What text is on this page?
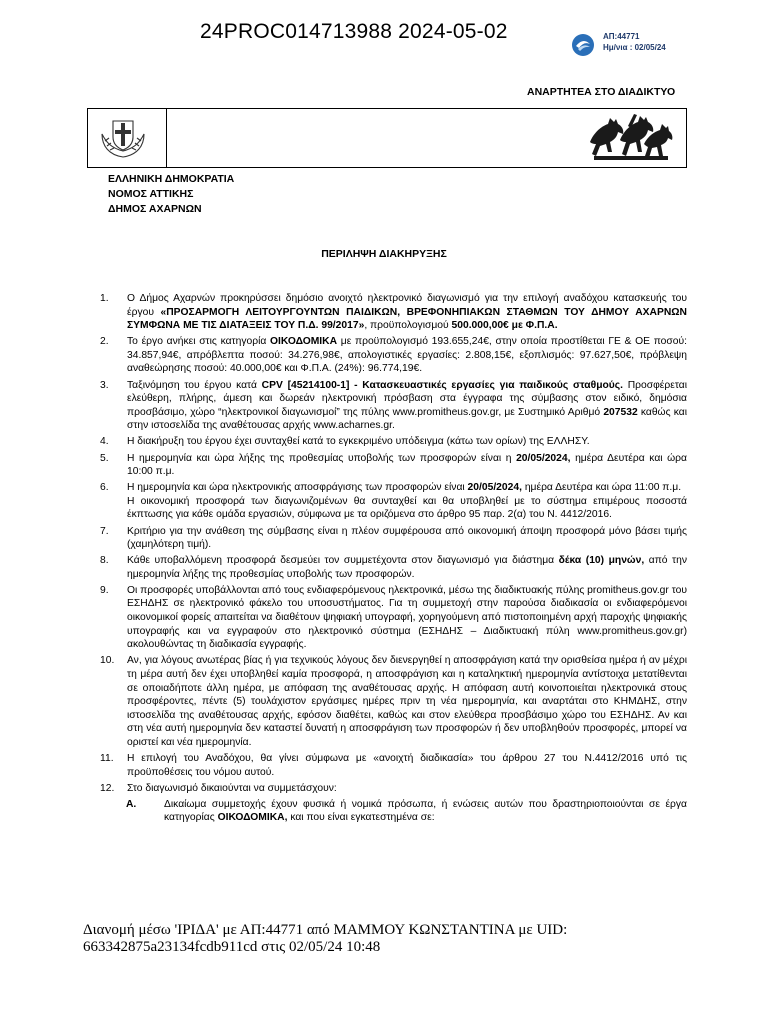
24PROC014713988 2024-05-02	ΑΠ:44771
Ημ/νια : 02/05/24
ΑΝΑΡΤΗΤΕΑ ΣΤΟ ΔΙΑΔΙΚΤΥΟ
ΕΛΛΗΝΙΚΗ ΔΗΜΟΚΡΑΤΙΑ
ΝΟΜΟΣ ΑΤΤΙΚΗΣ
ΔΗΜΟΣ ΑΧΑΡΝΩΝ
ΠΕΡΙΛΗΨΗ ΔΙΑΚΗΡΥΞΗΣ
1. Ο Δήμος Αχαρνών προκηρύσσει δημόσιο ανοιχτό ηλεκτρονικό διαγωνισμό για την επιλογή αναδόχου κατασκευής του έργου «ΠΡΟΣΑΡΜΟΓΗ ΛΕΙΤΟΥΡΓΟΥΝΤΩΝ ΠΑΙΔΙΚΩΝ, ΒΡΕΦΟΝΗΠΙΑΚΩΝ ΣΤΑΘΜΩΝ ΤΟΥ ΔΗΜΟΥ ΑΧΑΡΝΩΝ ΣΥΜΦΩΝΑ ΜΕ ΤΙΣ ΔΙΑΤΑΞΕΙΣ ΤΟΥ Π.Δ. 99/2017», προϋπολογισμού 500.000,00€ με Φ.Π.Α.

2. Το έργο ανήκει στις κατηγορία ΟΙΚΟΔΟΜΙΚΑ με προϋπολογισμό 193.655,24€, στην οποία προστίθεται ΓΕ & ΟΕ ποσού: 34.857,94€, απρόβλεπτα ποσού: 34.276,98€, απολογιστικές εργασίες: 2.808,15€, εξοπλισμός: 97.627,50€, πρόβλεψη αναθεώρησης ποσού: 40.000,00€ και Φ.Π.Α. (24%): 96.774,19€.

3. Ταξινόμηση του έργου κατά CPV [45214100-1] - Κατασκευαστικές εργασίες για παιδικούς σταθμούς. Προσφέρεται ελεύθερη, πλήρης, άμεση και δωρεάν ηλεκτρονική πρόσβαση στα έγγραφα της σύμβασης στον ειδικό, δημόσια προσβάσιμο, χώρο “ηλεκτρονικοί διαγωνισμοί” της πύλης www.promitheus.gov.gr, με Συστημικό Αριθμό 207532 καθώς και στην ιστοσελίδα της αναθέτουσας αρχής www.acharnes.gr.

4. Η διακήρυξη του έργου έχει συνταχθεί κατά το εγκεκριμένο υπόδειγμα (κάτω των ορίων) της ΕΛΛΗΣΥ.

5. Η ημερομηνία και ώρα λήξης της προθεσμίας υποβολής των προσφορών είναι η 20/05/2024, ημέρα Δευτέρα και ώρα 10:00 π.μ.

6. Η ημερομηνία και ώρα ηλεκτρονικής αποσφράγισης των προσφορών είναι 20/05/2024, ημέρα Δευτέρα και ώρα 11:00 π.μ.

Η οικονομική προσφορά των διαγωνιζομένων θα συνταχθεί και θα υποβληθεί με το σύστημα επιμέρους ποσοστά έκπτωσης για κάθε ομάδα εργασιών, σύμφωνα με τα οριζόμενα στο άρθρο 95 παρ. 2(α) του Ν. 4412/2016.

7. Κριτήριο για την ανάθεση της σύμβασης είναι η πλέον συμφέρουσα από οικονομική άποψη προσφορά μόνο βάσει τιμής (χαμηλότερη τιμή).

8. Κάθε υποβαλλόμενη προσφορά δεσμεύει τον συμμετέχοντα στον διαγωνισμό για διάστημα δέκα (10) μηνών, από την ημερομηνία λήξης της προθεσμίας υποβολής των προσφορών.

9. Οι προσφορές υποβάλλονται από τους ενδιαφερόμενους ηλεκτρονικά, μέσω της διαδικτυακής πύλης promitheus.gov.gr του ΕΣΗΔΗΣ σε ηλεκτρονικό φάκελο του υποσυστήματος. Για τη συμμετοχή στην παρούσα διαδικασία οι ενδιαφερόμενοι οικονομικοί φορείς απαιτείται να διαθέτουν ψηφιακή υπογραφή, χορηγούμενη από πιστοποιημένη αρχή παροχής ψηφιακής υπογραφής και να εγγραφούν στο ηλεκτρονικό σύστημα (ΕΣΗΔΗΣ – Διαδικτυακή πύλη www.promitheus.gov.gr) ακολουθώντας τη διαδικασία εγγραφής.

10. Αν, για λόγους ανωτέρας βίας ή για τεχνικούς λόγους δεν διενεργηθεί η αποσφράγιση κατά την ορισθείσα ημέρα ή αν μέχρι τη μέρα αυτή δεν έχει υποβληθεί καμία προσφορά, η αποσφράγιση και η καταληκτική ημερομηνία αντίστοιχα μετατίθενται σε οποιαδήποτε άλλη ημέρα, με απόφαση της αναθέτουσας αρχής. Η απόφαση αυτή κοινοποιείται ηλεκτρονικά στους προσφέροντες, πέντε (5) τουλάχιστον εργάσιμες ημέρες πριν τη νέα ημερομηνία, και αναρτάται στο ΚΗΜΔΗΣ, στην ιστοσελίδα της αναθέτουσας αρχής, εφόσον διαθέτει, καθώς και στον ελεύθερα προσβάσιμο χώρο του ΕΣΗΔΗΣ. Αν και στη νέα αυτή ημερομηνία δεν καταστεί δυνατή η αποσφράγιση των προσφορών ή δεν υποβληθούν προσφορές, μπορεί να οριστεί και νέα ημερομηνία.

11. Η επιλογή του Αναδόχου, θα γίνει σύμφωνα με «ανοιχτή διαδικασία» του άρθρου 27 του Ν.4412/2016 υπό τις προϋποθέσεις του νόμου αυτού.

12. Στο διαγωνισμό δικαιούνται να συμμετάσχουν:

Α.	Δικαίωμα συμμετοχής έχουν φυσικά ή νομικά πρόσωπα, ή ενώσεις αυτών που δραστηριοποιούνται σε έργα κατηγορίας ΟΙΚΟΔΟΜΙΚΑ, και που είναι εγκατεστημένα σε:
Διανομή μέσω 'ΙΡΙΔΑ' με ΑΠ:44771 από ΜΑΜΜΟΥ ΚΩΝΣΤΑΝΤΙΝΑ με UID:
663342875a23134fcdb911cd στις 02/05/24 10:48
